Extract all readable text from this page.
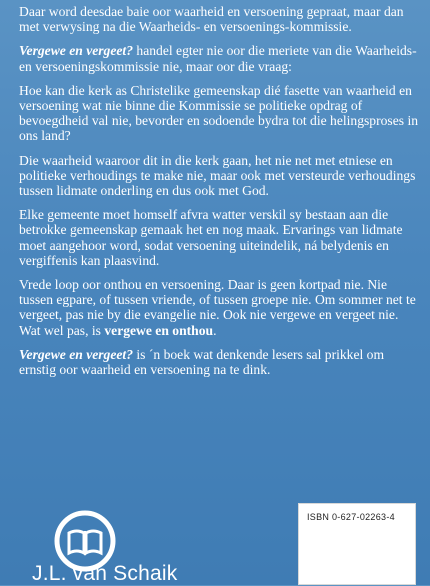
Daar word deesdae baie oor waarheid en versoening gepraat, maar dan met verwysing na die Waarheids- en versoenings-kommissie.

Vergewe en vergeet? handel egter nie oor die meriete van die Waarheids- en versoeningskommissie nie, maar oor die vraag:

Hoe kan die kerk as Christelike gemeenskap dié fasette van waarheid en versoening wat nie binne die Kommissie se politieke opdrag of bevoegdheid val nie, bevorder en sodoende bydra tot die helingsproses in ons land?

Die waarheid waaroor dit in die kerk gaan, het nie net met etniese en politieke verhoudings te make nie, maar ook met versteurde verhoudings tussen lidmate onderling en dus ook met God.

Elke gemeente moet homself afvra watter verskil sy bestaan aan die betrokke gemeenskap gemaak het en nog maak. Ervarings van lidmate moet aangehoor word, sodat versoening uiteindelik, ná belydenis en vergiffenis kan plaasvind.

Vrede loop oor onthou en versoening. Daar is geen kortpad nie. Nie tussen egpare, of tussen vriende, of tussen groepe nie. Om sommer net te vergeet, pas nie by die evangelie nie. Ook nie vergewe en vergeet nie. Wat wel pas, is vergewe en onthou.

Vergewe en vergeet? is ´n boek wat denkende lesers sal prikkel om ernstig oor waarheid en versoening na te dink.

ISBN 0-627-02263-4
J.L. van Schaik
